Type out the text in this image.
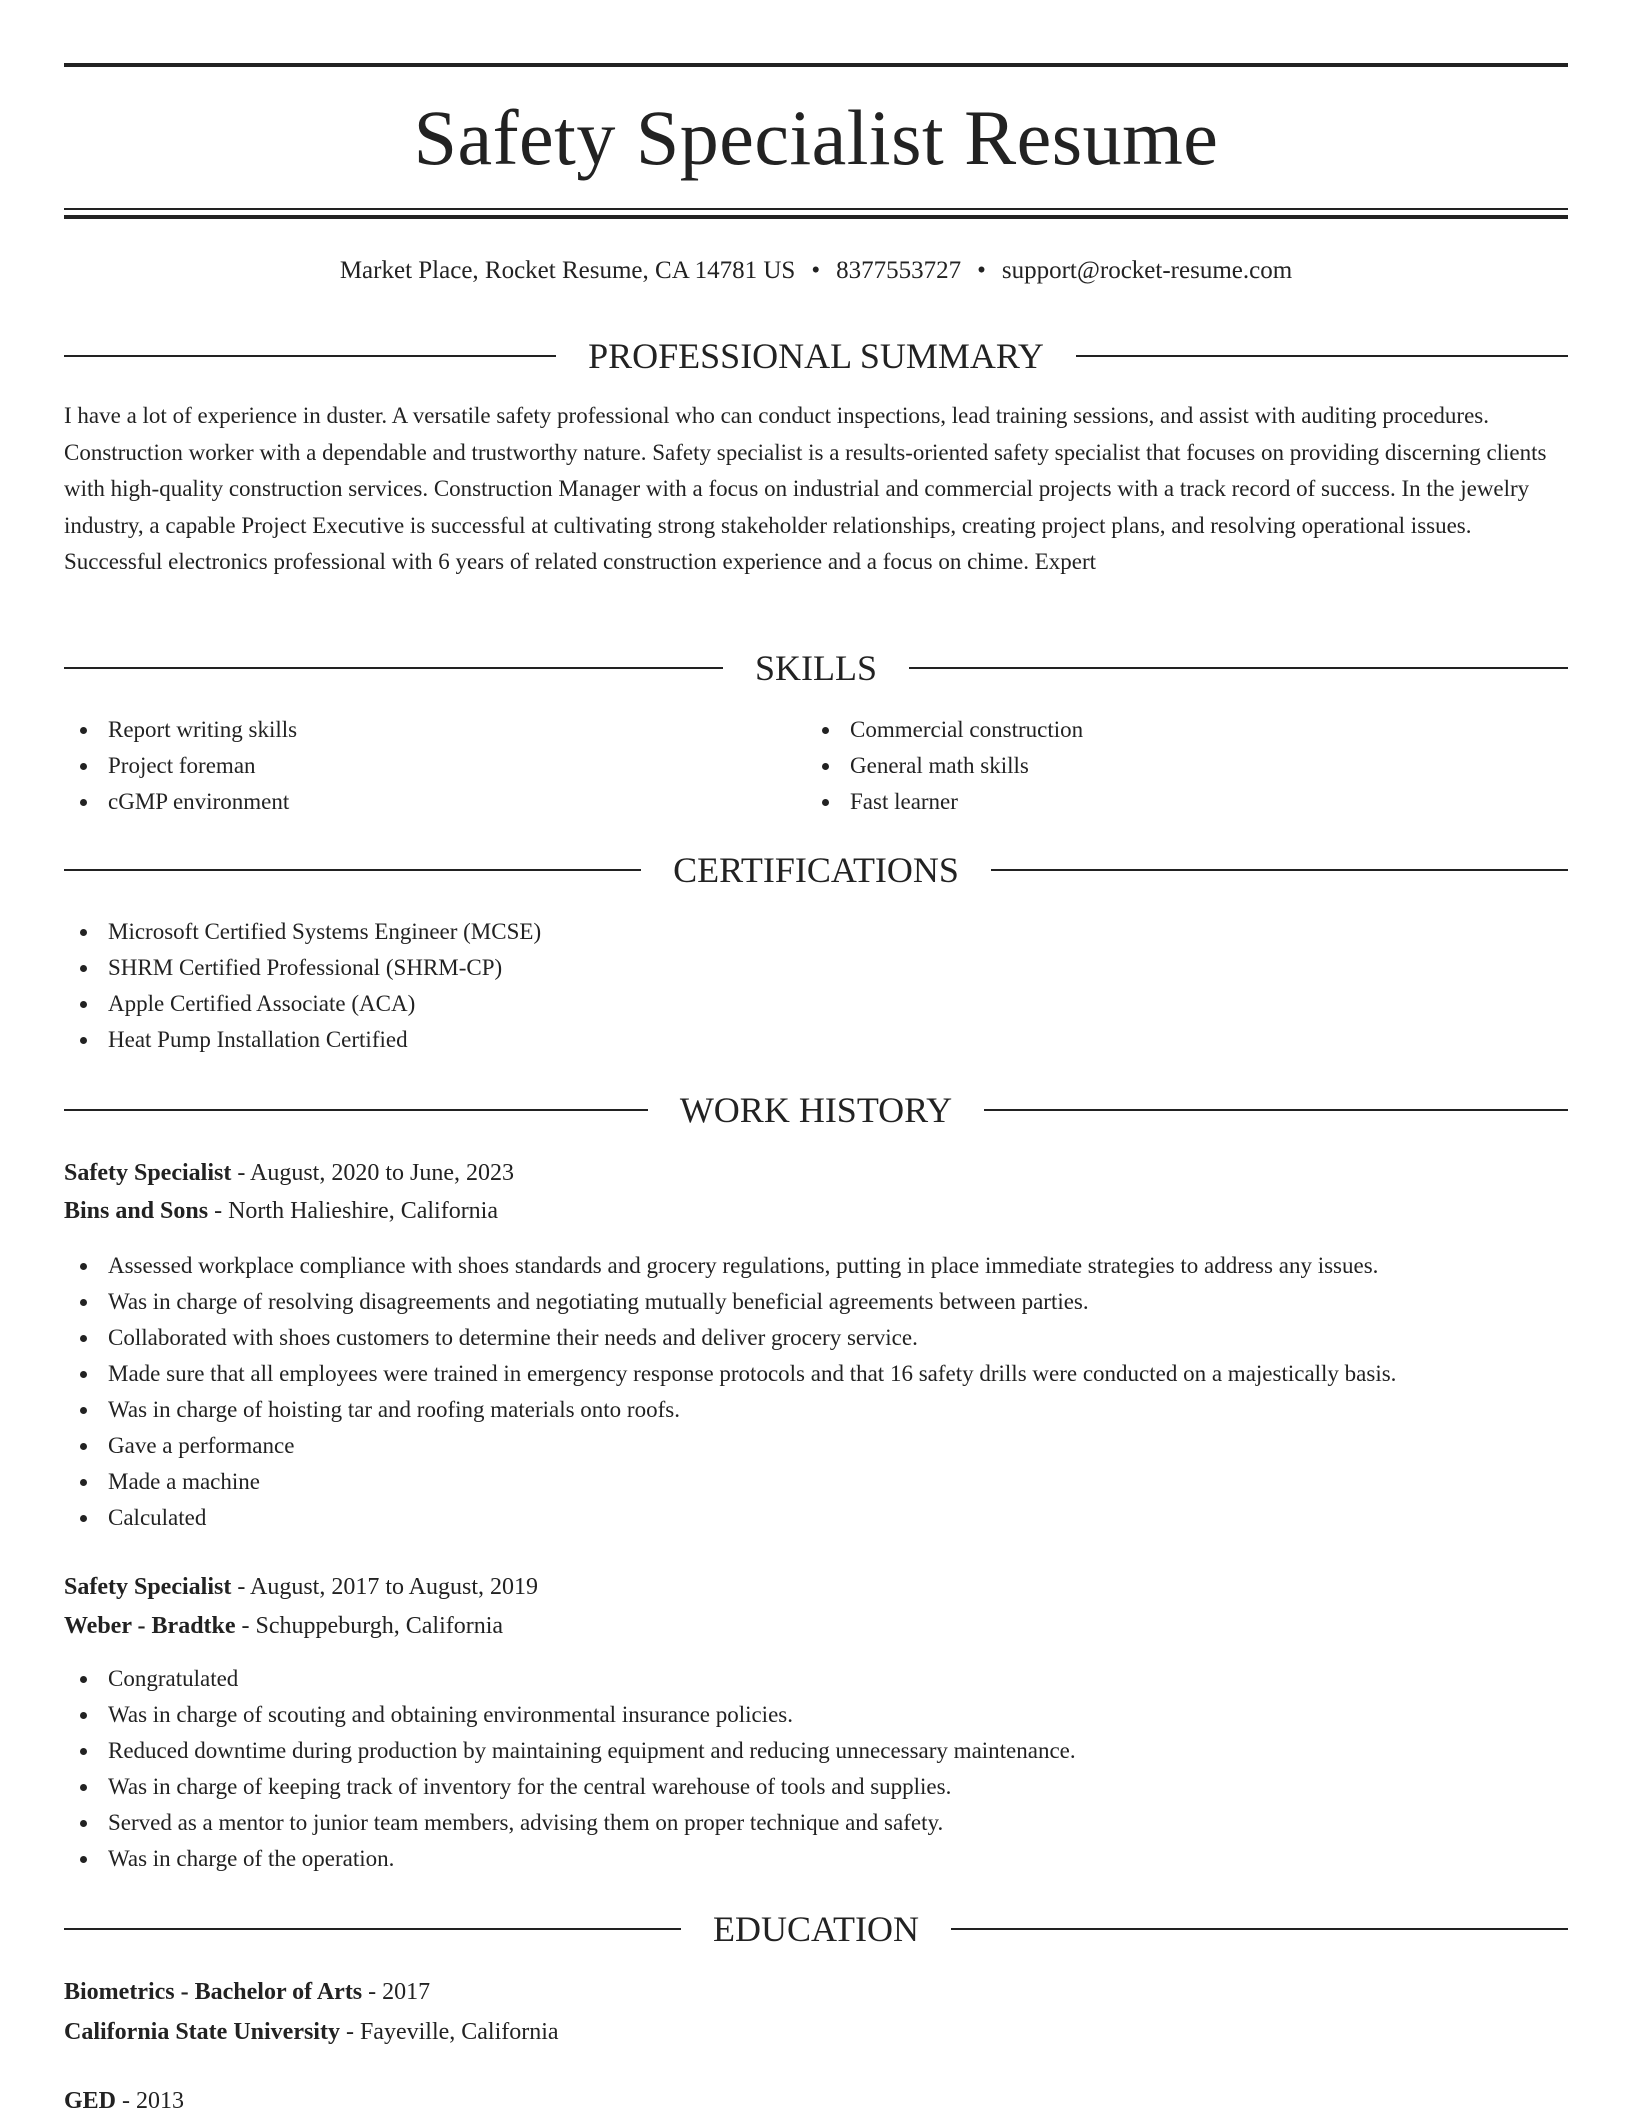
Safety Specialist Resume
Market Place, Rocket Resume, CA 14781 US • 8377553727 • support@rocket-resume.com
PROFESSIONAL SUMMARY

I have a lot of experience in duster. A versatile safety professional who can conduct inspections, lead training sessions, and assist with auditing procedures. Construction worker with a dependable and trustworthy nature. Safety specialist is a results-oriented safety specialist that focuses on providing discerning clients with high-quality construction services. Construction Manager with a focus on industrial and commercial projects with a track record of success. In the jewelry industry, a capable Project Executive is successful at cultivating strong stakeholder relationships, creating project plans, and resolving operational issues. Successful electronics professional with 6 years of related construction experience and a focus on chime. Expert

SKILLS
Report writing skills
Project foreman
cGMP environment
Commercial construction
General math skills
Fast learner
CERTIFICATIONS
Microsoft Certified Systems Engineer (MCSE)
SHRM Certified Professional (SHRM-CP)
Apple Certified Associate (ACA)
Heat Pump Installation Certified
WORK HISTORY
Safety Specialist - August, 2020 to June, 2023
Bins and Sons - North Halieshire, California
Assessed workplace compliance with shoes standards and grocery regulations, putting in place immediate strategies to address any issues.
Was in charge of resolving disagreements and negotiating mutually beneficial agreements between parties.
Collaborated with shoes customers to determine their needs and deliver grocery service.
Made sure that all employees were trained in emergency response protocols and that 16 safety drills were conducted on a majestically basis.
Was in charge of hoisting tar and roofing materials onto roofs.
Gave a performance
Made a machine
Calculated
Safety Specialist - August, 2017 to August, 2019
Weber - Bradtke - Schuppeburgh, California
Congratulated
Was in charge of scouting and obtaining environmental insurance policies.
Reduced downtime during production by maintaining equipment and reducing unnecessary maintenance.
Was in charge of keeping track of inventory for the central warehouse of tools and supplies.
Served as a mentor to junior team members, advising them on proper technique and safety.
Was in charge of the operation.
EDUCATION
Biometrics - Bachelor of Arts - 2017
California State University - Fayeville, California
GED - 2013
